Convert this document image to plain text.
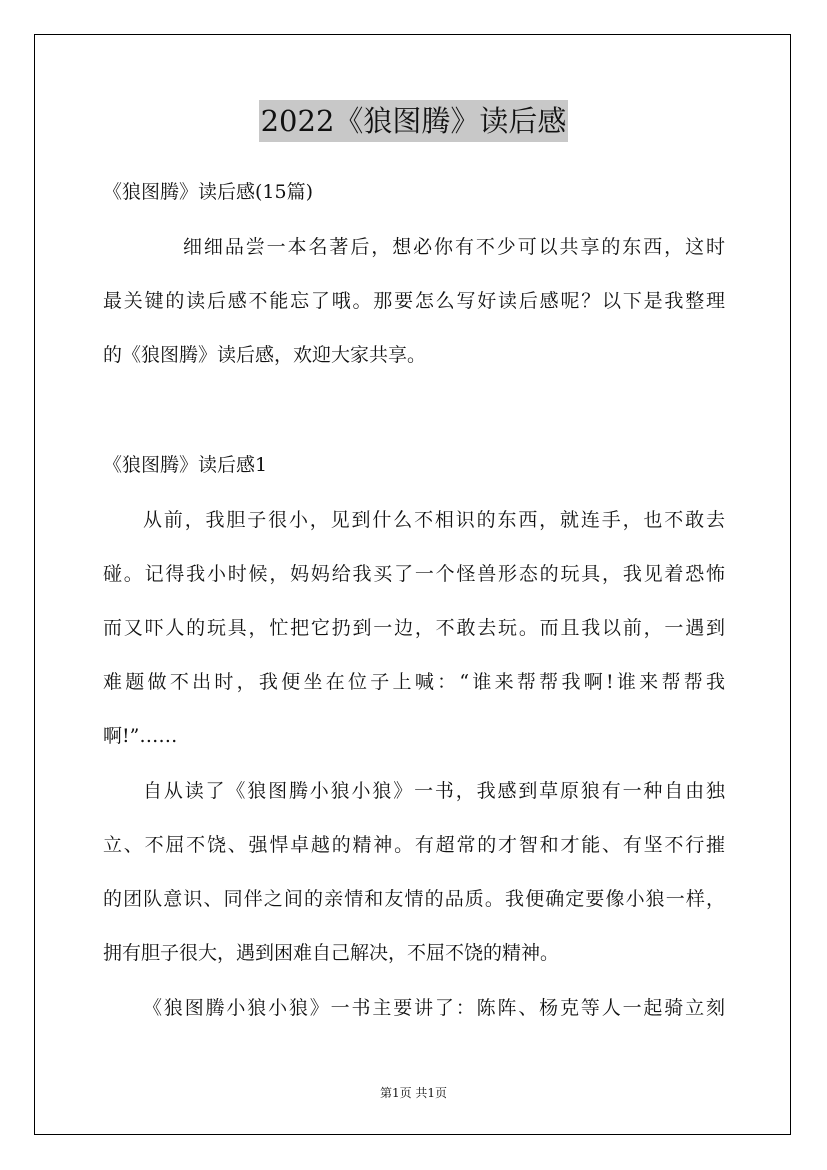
2022《狼图腾》读后感
《狼图腾》读后感(15篇)
细细品尝一本名著后，想必你有不少可以共享的东西，这时
最关键的读后感不能忘了哦。那要怎么写好读后感呢？以下是我整理
的《狼图腾》读后感，欢迎大家共享。
《狼图腾》读后感1
从前，我胆子很小，见到什么不相识的东西，就连手，也不敢去
碰。记得我小时候，妈妈给我买了一个怪兽形态的玩具，我见着恐怖
而又吓人的玩具，忙把它扔到一边，不敢去玩。而且我以前，一遇到
难题做不出时，我便坐在位子上喊：“谁来帮帮我啊!谁来帮帮我
啊!”……
自从读了《狼图腾小狼小狼》一书，我感到草原狼有一种自由独
立、不屈不饶、强悍卓越的精神。有超常的才智和才能、有坚不行摧
的团队意识、同伴之间的亲情和友情的品质。我便确定要像小狼一样，
拥有胆子很大，遇到困难自己解决，不屈不饶的精神。
《狼图腾小狼小狼》一书主要讲了：陈阵、杨克等人一起骑立刻
第1页 共1页
